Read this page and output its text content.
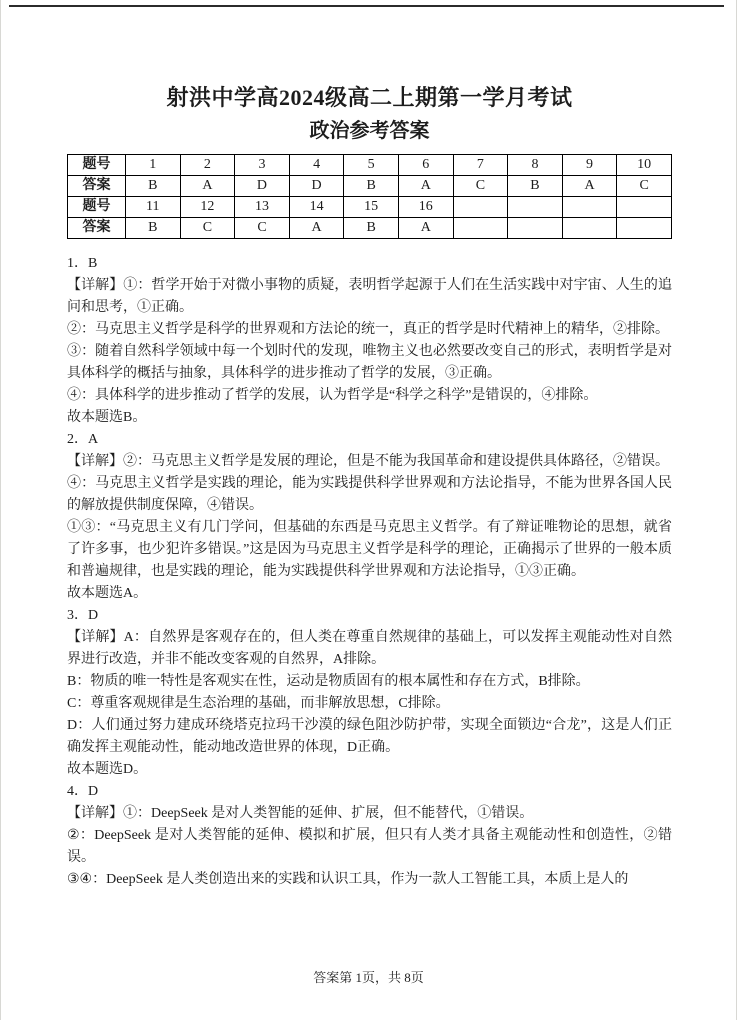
射洪中学高2024级高二上期第一学月考试
政治参考答案
题号	1	2	3	4	5	6	7	8	9	10
答案	B	A	D	D	B	A	C	B	A	C
题号	11	12	13	14	15	16				
答案	B	C	C	A	B	A				
1．B
【详解】①：哲学开始于对微小事物的质疑，表明哲学起源于人们在生活实践中对宇宙、人生的追问和思考，①正确。
②：马克思主义哲学是科学的世界观和方法论的统一，真正的哲学是时代精神上的精华，②排除。
③：随着自然科学领域中每一个划时代的发现，唯物主义也必然要改变自己的形式，表明哲学是对具体科学的概括与抽象，具体科学的进步推动了哲学的发展，③正确。
④：具体科学的进步推动了哲学的发展，认为哲学是“科学之科学”是错误的，④排除。
故本题选B。
2．A
【详解】②：马克思主义哲学是发展的理论，但是不能为我国革命和建设提供具体路径，②错误。
④：马克思主义哲学是实践的理论，能为实践提供科学世界观和方法论指导，不能为世界各国人民的解放提供制度保障，④错误。
①③：“马克思主义有几门学问，但基础的东西是马克思主义哲学。有了辩证唯物论的思想，就省了许多事，也少犯许多错误。”这是因为马克思主义哲学是科学的理论，正确揭示了世界的一般本质和普遍规律，也是实践的理论，能为实践提供科学世界观和方法论指导，①③正确。
故本题选A。
3．D
【详解】A：自然界是客观存在的，但人类在尊重自然规律的基础上，可以发挥主观能动性对自然界进行改造，并非不能改变客观的自然界，A排除。
B：物质的唯一特性是客观实在性，运动是物质固有的根本属性和存在方式，B排除。
C：尊重客观规律是生态治理的基础，而非解放思想，C排除。
D：人们通过努力建成环绕塔克拉玛干沙漠的绿色阻沙防护带，实现全面锁边“合龙”，这是人们正确发挥主观能动性，能动地改造世界的体现，D正确。
故本题选D。
4．D
【详解】①：DeepSeek 是对人类智能的延伸、扩展，但不能替代，①错误。
②：DeepSeek 是对人类智能的延伸、模拟和扩展，但只有人类才具备主观能动性和创造性，②错误。
③④：DeepSeek 是人类创造出来的实践和认识工具，作为一款人工智能工具，本质上是人的
答案第 1页，共 8页
